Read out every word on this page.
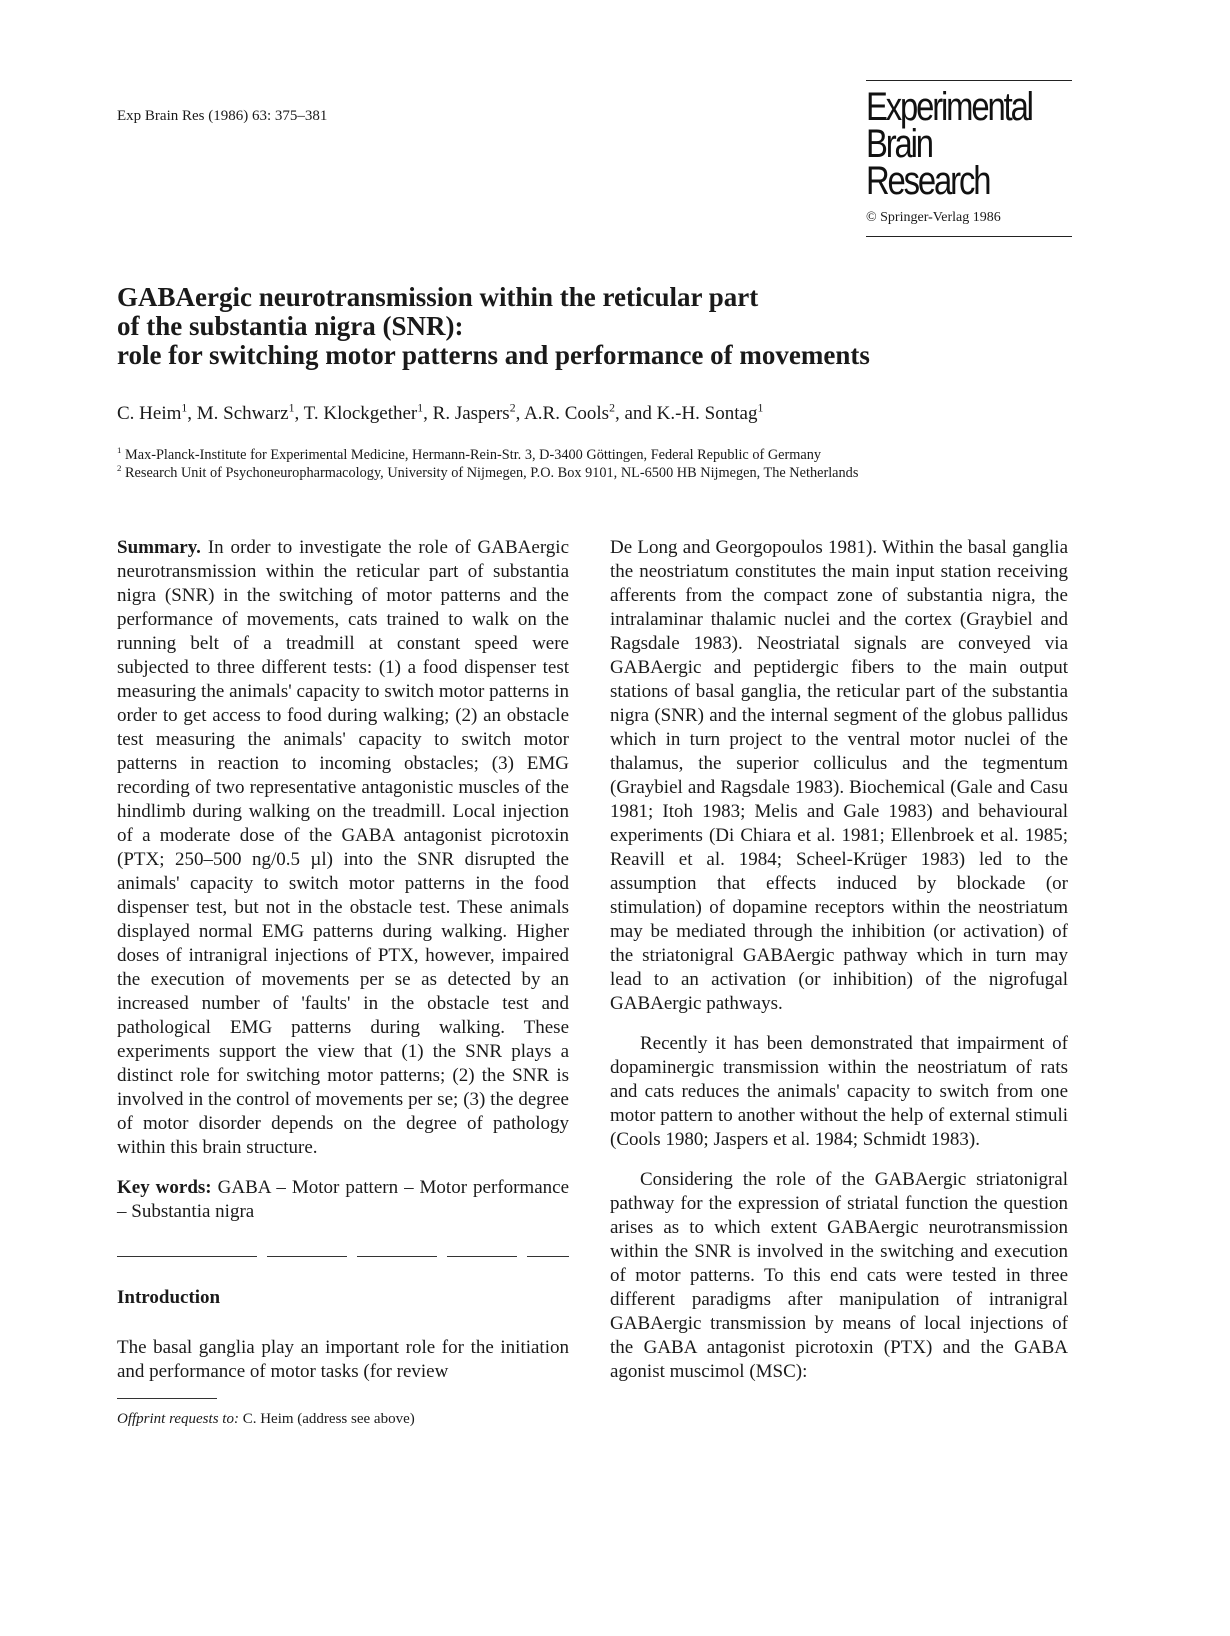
Exp Brain Res (1986) 63: 375–381	Experimental
Brain Research
© Springer-Verlag 1986
GABAergic neurotransmission within the reticular part
of the substantia nigra (SNR):
role for switching motor patterns and performance of movements
C. Heim$^1$, M. Schwarz$^1$, T. Klockgether$^1$, R. Jaspers$^2$, A.R. Cools$^2$, and K.-H. Sontag$^1$
$^1$ Max-Planck-Institute for Experimental Medicine, Hermann-Rein-Str. 3, D-3400 Göttingen, Federal Republic of Germany
$^2$ Research Unit of Psychoneuropharmacology, University of Nijmegen, P.O. Box 9101, NL-6500 HB Nijmegen, The Netherlands

Summary. In order to investigate the role of GABAergic neurotransmission within the reticular part of substantia nigra (SNR) in the switching of motor patterns and the performance of movements, cats trained to walk on the running belt of a treadmill at constant speed were subjected to three different tests: (1) a food dispenser test measuring the animals' capacity to switch motor patterns in order to get access to food during walking; (2) an obstacle test measuring the animals' capacity to switch motor patterns in reaction to incoming obstacles; (3) EMG recording of two representative antagonistic muscles of the hindlimb during walking on the treadmill. Local injection of a moderate dose of the GABA antagonist picrotoxin (PTX; 250–500 ng/0.5 µl) into the SNR disrupted the animals' capacity to switch motor patterns in the food dispenser test, but not in the obstacle test. These animals displayed normal EMG patterns during walking. Higher doses of intranigral injections of PTX, however, impaired the execution of movements per se as detected by an increased number of 'faults' in the obstacle test and pathological EMG patterns during walking. These experiments support the view that (1) the SNR plays a distinct role for switching motor patterns; (2) the SNR is involved in the control of movements per se; (3) the degree of motor disorder depends on the degree of pathology within this brain structure.

Key words: GABA – Motor pattern – Motor performance – Substantia nigra

Introduction

The basal ganglia play an important role for the initiation and performance of motor tasks (for review

Offprint requests to: C. Heim (address see above)

De Long and Georgopoulos 1981). Within the basal ganglia the neostriatum constitutes the main input station receiving afferents from the compact zone of substantia nigra, the intralaminar thalamic nuclei and the cortex (Graybiel and Ragsdale 1983). Neostriatal signals are conveyed via GABAergic and peptidergic fibers to the main output stations of basal ganglia, the reticular part of the substantia nigra (SNR) and the internal segment of the globus pallidus which in turn project to the ventral motor nuclei of the thalamus, the superior colliculus and the tegmentum (Graybiel and Ragsdale 1983). Biochemical (Gale and Casu 1981; Itoh 1983; Melis and Gale 1983) and behavioural experiments (Di Chiara et al. 1981; Ellenbroek et al. 1985; Reavill et al. 1984; Scheel-Krüger 1983) led to the assumption that effects induced by blockade (or stimulation) of dopamine receptors within the neostriatum may be mediated through the inhibition (or activation) of the striatonigral GABAergic pathway which in turn may lead to an activation (or inhibition) of the nigrofugal GABAergic pathways.

Recently it has been demonstrated that impairment of dopaminergic transmission within the neostriatum of rats and cats reduces the animals' capacity to switch from one motor pattern to another without the help of external stimuli (Cools 1980; Jaspers et al. 1984; Schmidt 1983).

Considering the role of the GABAergic striatonigral pathway for the expression of striatal function the question arises as to which extent GABAergic neurotransmission within the SNR is involved in the switching and execution of motor patterns. To this end cats were tested in three different paradigms after manipulation of intranigral GABAergic transmission by means of local injections of the GABA antagonist picrotoxin (PTX) and the GABA agonist muscimol (MSC):
